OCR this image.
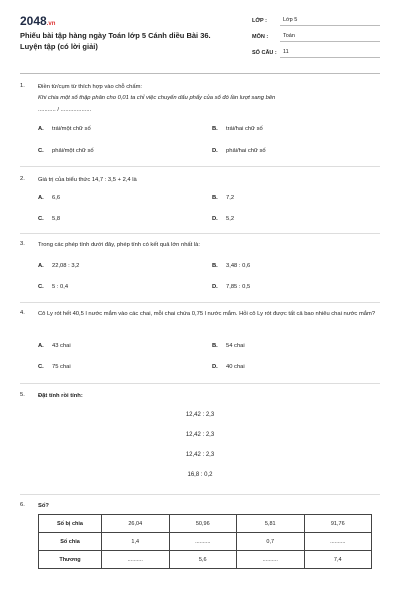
2048.vn
Phiếu bài tập hàng ngày Toán lớp 5 Cánh diều Bài 36. Luyện tập (có lời giải)
LỚP :	Lớp 5
MÔN :	Toán
SỐ CÂU :	11
1.	Điền từ/cụm từ thích hợp vào chỗ chấm:
Khi chia một số thập phân cho 0,01 ta chỉ việc chuyển dấu phẩy của số đó lần lượt sang bên
........... / ...................
A. trái/một chữ số	B. trái/hai chữ số
C. phải/một chữ số	D. phải/hai chữ số
2.	Giá trị của biểu thức 14,7 : 3,5 + 2,4 là
A. 6,6	B. 7,2
C. 5,8	D. 5,2
3.	Trong các phép tính dưới đây, phép tính có kết quả lớn nhất là:
A. 22,08 : 3,2	B. 3,48 : 0,6
C. 5 : 0,4	D. 7,85 : 0,5
4.	Cô Ly rót hết 40,5 l nước mắm vào các chai, mỗi chai chứa 0,75 l nước mắm. Hỏi cô Ly rót được tất cả bao nhiêu chai nước mắm?
A. 43 chai	B. 54 chai
C. 75 chai	D. 40 chai
5.	Đặt tính rồi tính:
12,42 : 2,3
12,42 : 2,3
12,42 : 2,3
16,8 : 0,2
6.	Số?
Số bị chia	26,04	50,96	5,81	91,76
Số chia	1,4	..........	0,7	..........
Thương	..........	5,6	..........	7,4
